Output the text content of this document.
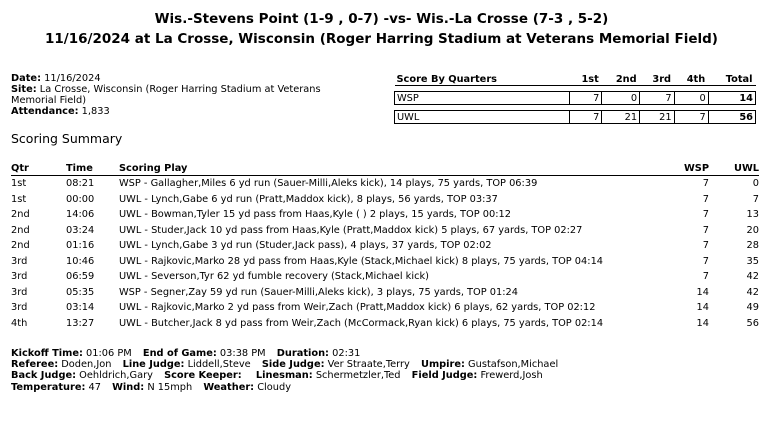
Wis.-Stevens Point (1-9 , 0-7) -vs- Wis.-La Crosse (7-3 , 5-2)
11/16/2024 at La Crosse, Wisconsin (Roger Harring Stadium at Veterans Memorial Field)
Date: 11/16/2024
Site: La Crosse, Wisconsin (Roger Harring Stadium at Veterans Memorial Field)
Attendance: 1,833
Score By Quarters	1st	2nd	3rd	4th	Total

WSP	7	0	7	0	14

UWL	7	21	21	7	56
Scoring Summary
Qtr	Time	Scoring Play	WSP	UWL
1st	08:21	WSP - Gallagher,Miles 6 yd run (Sauer-Milli,Aleks kick), 14 plays, 75 yards, TOP 06:39	7	0
1st	00:00	UWL - Lynch,Gabe 6 yd run (Pratt,Maddox kick), 8 plays, 56 yards, TOP 03:37	7	7
2nd	14:06	UWL - Bowman,Tyler 15 yd pass from Haas,Kyle ( ) 2 plays, 15 yards, TOP 00:12	7	13
2nd	03:24	UWL - Studer,Jack 10 yd pass from Haas,Kyle (Pratt,Maddox kick) 5 plays, 67 yards, TOP 02:27	7	20
2nd	01:16	UWL - Lynch,Gabe 3 yd run (Studer,Jack pass), 4 plays, 37 yards, TOP 02:02	7	28
3rd	10:46	UWL - Rajkovic,Marko 28 yd pass from Haas,Kyle (Stack,Michael kick) 8 plays, 75 yards, TOP 04:14	7	35
3rd	06:59	UWL - Severson,Tyr 62 yd fumble recovery (Stack,Michael kick)	7	42
3rd	05:35	WSP - Segner,Zay 59 yd run (Sauer-Milli,Aleks kick), 3 plays, 75 yards, TOP 01:24	14	42
3rd	03:14	UWL - Rajkovic,Marko 2 yd pass from Weir,Zach (Pratt,Maddox kick) 6 plays, 62 yards, TOP 02:12	14	49
4th	13:27	UWL - Butcher,Jack 8 yd pass from Weir,Zach (McCormack,Ryan kick) 6 plays, 75 yards, TOP 02:14	14	56
Kickoff Time: 01:06 PM End of Game: 03:38 PM Duration: 02:31
Referee: Doden,Jon Line Judge: Liddell,Steve Side Judge: Ver Straate,Terry Umpire: Gustafson,Michael
Back Judge: Oehldrich,Gary Score Keeper: Linesman: Schermetzler,Ted Field Judge: Frewerd,Josh
Temperature: 47 Wind: N 15mph Weather: Cloudy
